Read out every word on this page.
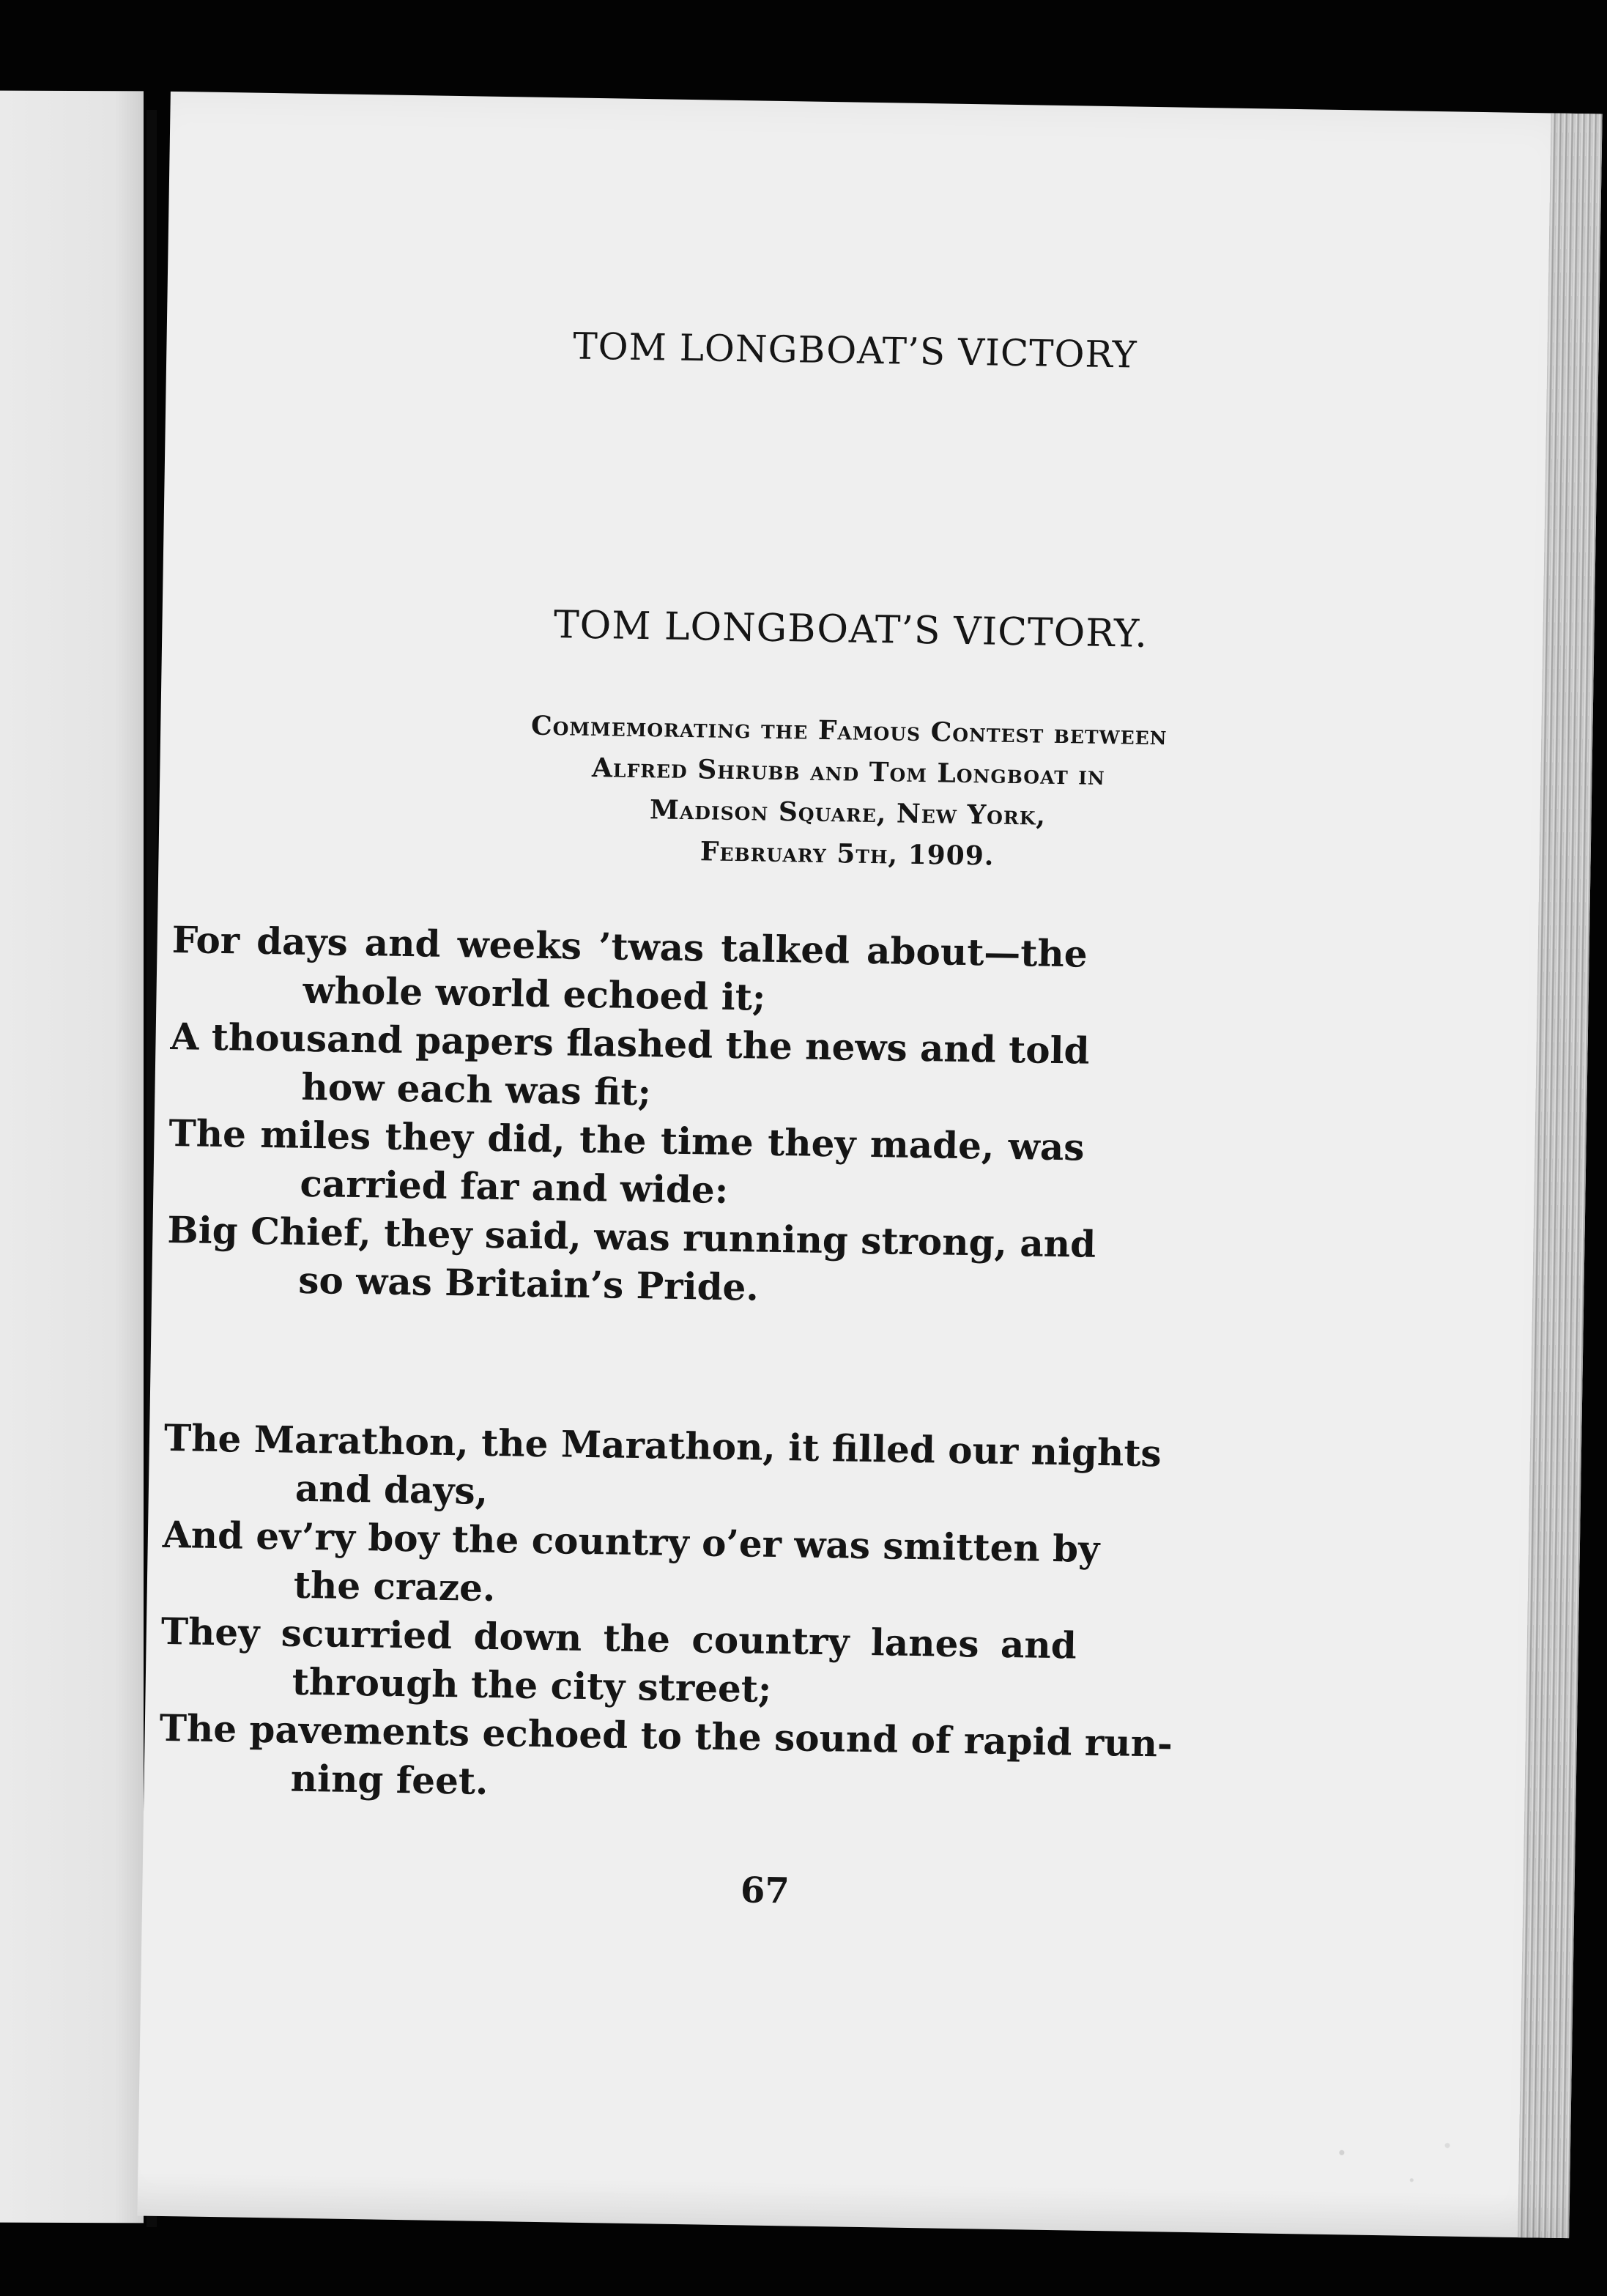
TOM LONGBOAT’S VICTORY
TOM LONGBOAT’S VICTORY.
Commemorating the Famous Contest between
Alfred Shrubb and Tom Longboat in
Madison Square, New York,
February 5th, 1909.
For days and weeks ’twas talked about—the
whole world echoed it;
A thousand papers flashed the news and told
how each was fit;
The miles they did, the time they made, was
carried far and wide:
Big Chief, they said, was running strong, and
so was Britain’s Pride.
The Marathon, the Marathon, it filled our nights
and days,
And ev’ry boy the country o’er was smitten by
the craze.
They scurried down the country lanes and
through the city street;
The pavements echoed to the sound of rapid run-
ning feet.
67
